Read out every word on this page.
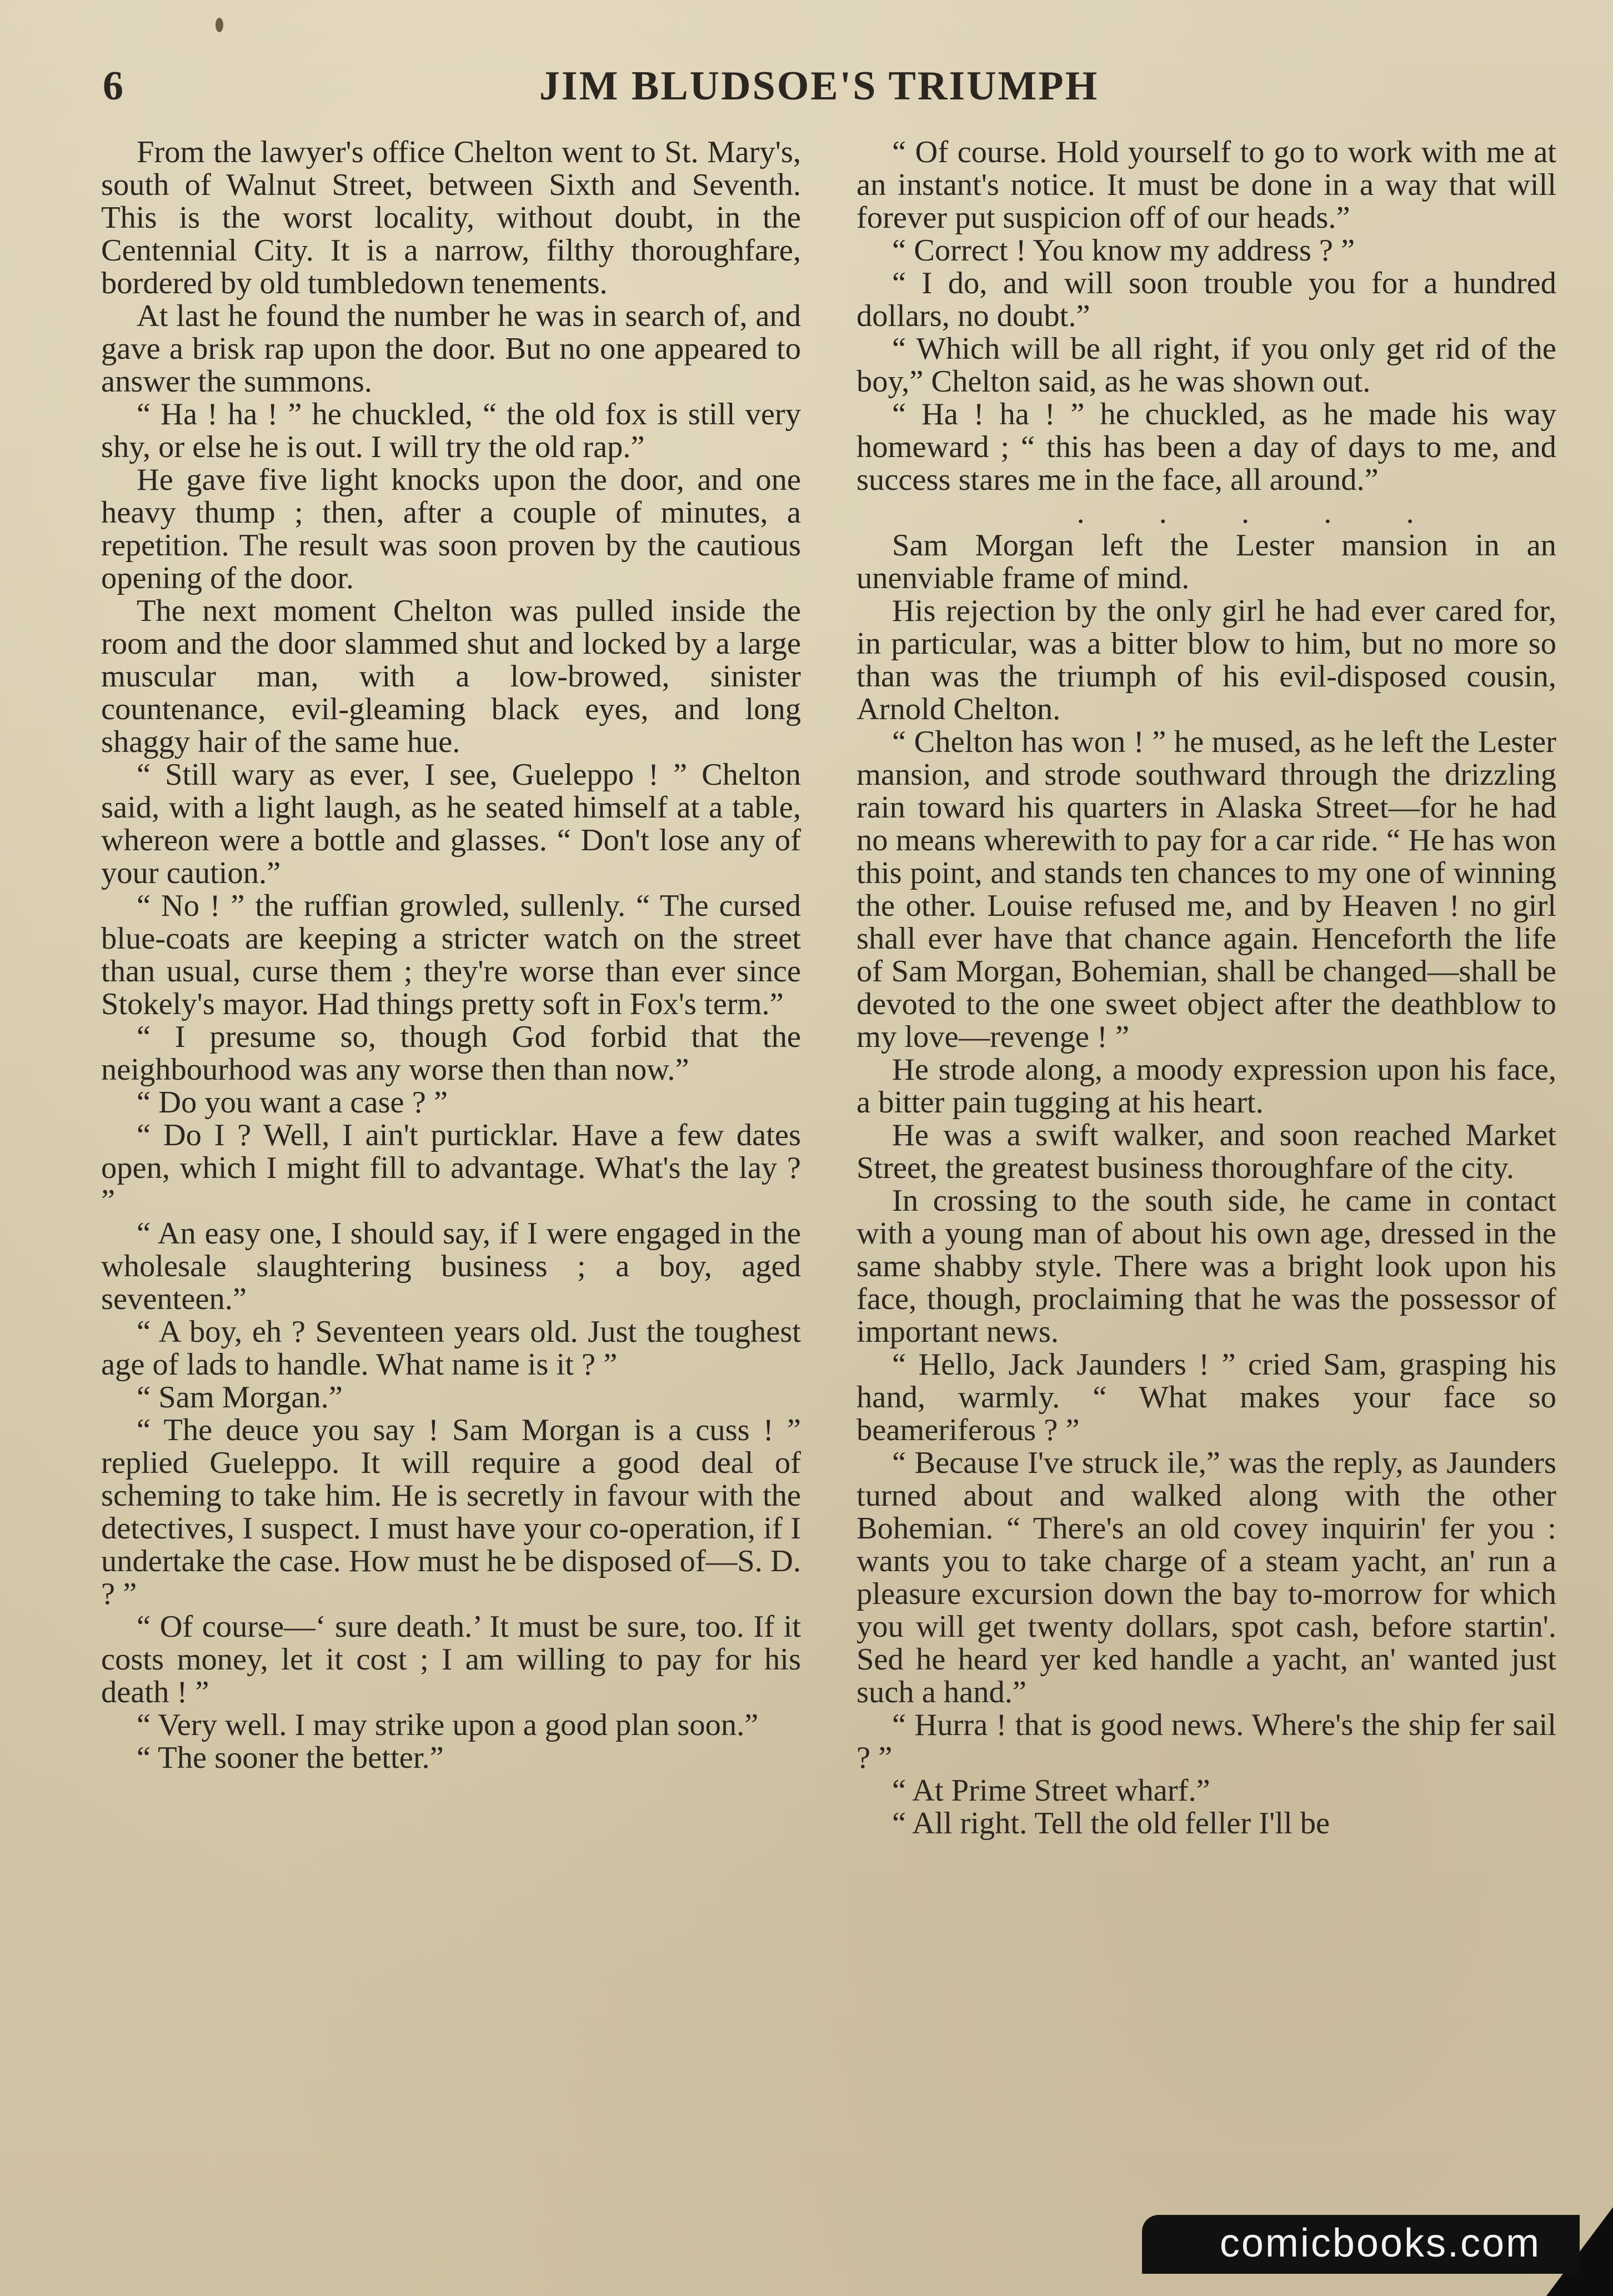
6	JIM BLUDSOE'S TRIUMPH

From the lawyer's office Chelton went to St. Mary's, south of Walnut Street, between Sixth and Seventh. This is the worst locality, without doubt, in the Centennial City. It is a narrow, filthy thoroughfare, bordered by old tumbledown tenements.

At last he found the number he was in search of, and gave a brisk rap upon the door. But no one appeared to answer the summons.

“ Ha ! ha ! ” he chuckled, “ the old fox is still very shy, or else he is out. I will try the old rap.”

He gave five light knocks upon the door, and one heavy thump ; then, after a couple of minutes, a repetition. The result was soon proven by the cautious opening of the door.

The next moment Chelton was pulled inside the room and the door slammed shut and locked by a large muscular man, with a low-browed, sinister countenance, evil-gleaming black eyes, and long shaggy hair of the same hue.

“ Still wary as ever, I see, Gueleppo ! ” Chelton said, with a light laugh, as he seated himself at a table, whereon were a bottle and glasses. “ Don't lose any of your caution.”

“ No ! ” the ruffian growled, sullenly. “ The cursed blue-coats are keeping a stricter watch on the street than usual, curse them ; they're worse than ever since Stokely's mayor. Had things pretty soft in Fox's term.”

“ I presume so, though God forbid that the neighbourhood was any worse then than now.”

“ Do you want a case ? ”

“ Do I ? Well, I ain't purticklar. Have a few dates open, which I might fill to advantage. What's the lay ? ”

“ An easy one, I should say, if I were engaged in the wholesale slaughtering business ; a boy, aged seventeen.”

“ A boy, eh ? Seventeen years old. Just the toughest age of lads to handle. What name is it ? ”

“ Sam Morgan.”

“ The deuce you say ! Sam Morgan is a cuss ! ” replied Gueleppo. It will require a good deal of scheming to take him. He is secretly in favour with the detectives, I suspect. I must have your co-operation, if I undertake the case. How must he be disposed of—S. D. ? ”

“ Of course—‘ sure death.’ It must be sure, too. If it costs money, let it cost ; I am willing to pay for his death ! ”

“ Very well. I may strike upon a good plan soon.”

“ The sooner the better.”

“ Of course. Hold yourself to go to work with me at an instant's notice. It must be done in a way that will forever put suspicion off of our heads.”

“ Correct ! You know my address ? ”

“ I do, and will soon trouble you for a hundred dollars, no doubt.”

“ Which will be all right, if you only get rid of the boy,” Chelton said, as he was shown out.

“ Ha ! ha ! ” he chuckled, as he made his way homeward ; “ this has been a day of days to me, and success stares me in the face, all around.”

. . . . .

Sam Morgan left the Lester mansion in an unenviable frame of mind.

His rejection by the only girl he had ever cared for, in particular, was a bitter blow to him, but no more so than was the triumph of his evil-disposed cousin, Arnold Chelton.

“ Chelton has won ! ” he mused, as he left the Lester mansion, and strode southward through the drizzling rain toward his quarters in Alaska Street—for he had no means wherewith to pay for a car ride. “ He has won this point, and stands ten chances to my one of winning the other. Louise refused me, and by Heaven ! no girl shall ever have that chance again. Henceforth the life of Sam Morgan, Bohemian, shall be changed—shall be devoted to the one sweet object after the deathblow to my love—revenge ! ”

He strode along, a moody expression upon his face, a bitter pain tugging at his heart.

He was a swift walker, and soon reached Market Street, the greatest business thoroughfare of the city.

In crossing to the south side, he came in contact with a young man of about his own age, dressed in the same shabby style. There was a bright look upon his face, though, proclaiming that he was the possessor of important news.

“ Hello, Jack Jaunders ! ” cried Sam, grasping his hand, warmly. “ What makes your face so beameriferous ? ”

“ Because I've struck ile,” was the reply, as Jaunders turned about and walked along with the other Bohemian. “ There's an old covey inquirin' fer you : wants you to take charge of a steam yacht, an' run a pleasure excursion down the bay to-morrow for which you will get twenty dollars, spot cash, before startin'. Sed he heard yer ked handle a yacht, an' wanted just such a hand.”

“ Hurra ! that is good news. Where's the ship fer sail ? ”

“ At Prime Street wharf.”

“ All right. Tell the old feller I'll be

comicbooks.com
